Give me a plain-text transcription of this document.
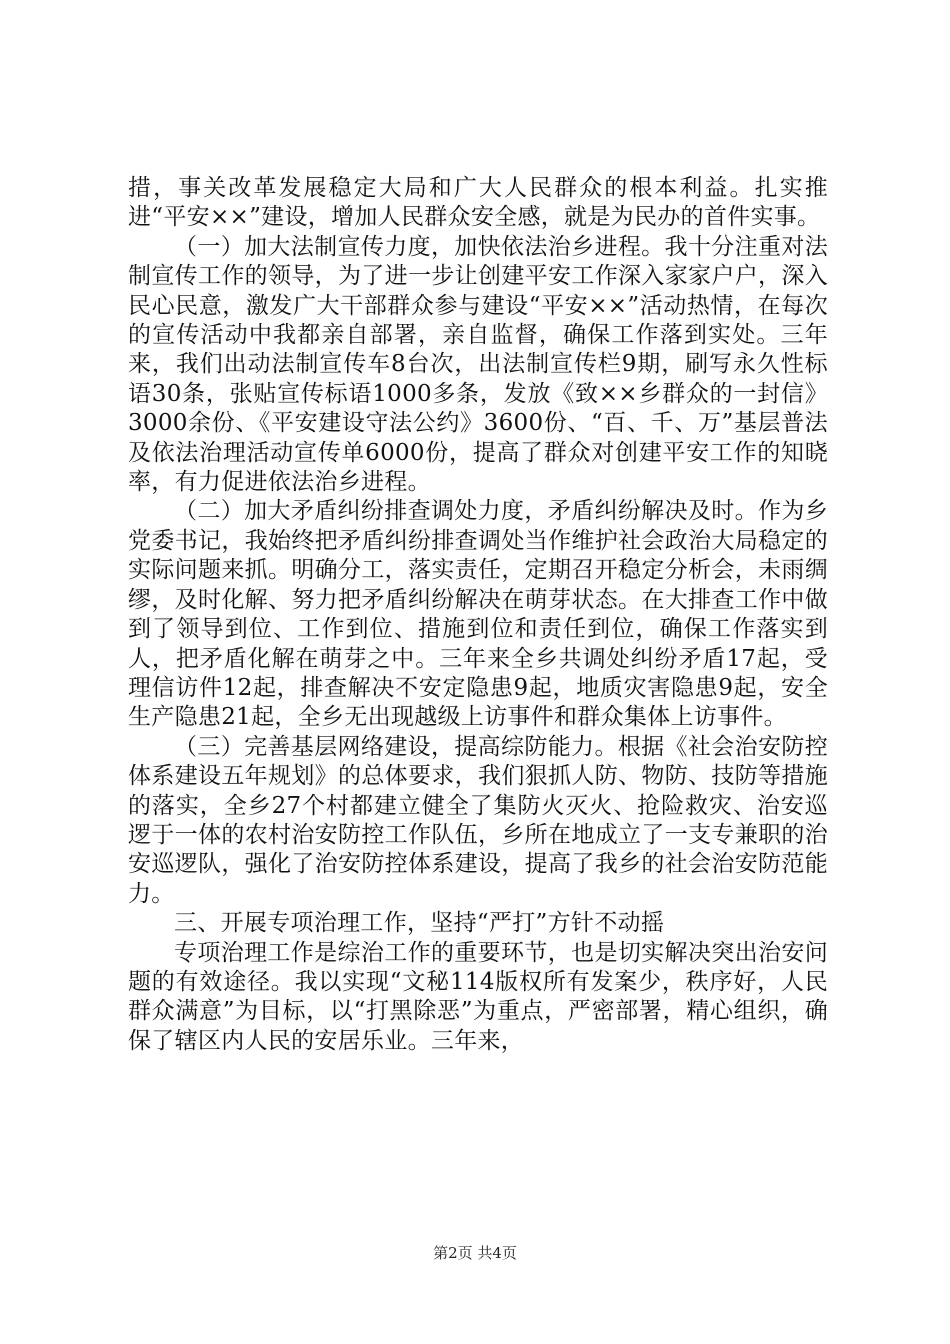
措，事关改革发展稳定大局和广大人民群众的根本利益。扎实推进“平安××”建设，增加人民群众安全感，就是为民办的首件实事。

（一）加大法制宣传力度，加快依法治乡进程。我十分注重对法制宣传工作的领导，为了进一步让创建平安工作深入家家户户，深入民心民意，激发广大干部群众参与建设“平安××”活动热情，在每次的宣传活动中我都亲自部署，亲自监督，确保工作落到实处。三年来，我们出动法制宣传车8台次，出法制宣传栏9期，刷写永久性标语30条，张贴宣传标语1000多条，发放《致××乡群众的一封信》3000余份、《平安建设守法公约》3600份、“百、千、万”基层普法及依法治理活动宣传单6000份，提高了群众对创建平安工作的知晓率，有力促进依法治乡进程。

（二）加大矛盾纠纷排查调处力度，矛盾纠纷解决及时。作为乡党委书记，我始终把矛盾纠纷排查调处当作维护社会政治大局稳定的实际问题来抓。明确分工，落实责任，定期召开稳定分析会，未雨绸缪，及时化解、努力把矛盾纠纷解决在萌芽状态。在大排查工作中做到了领导到位、工作到位、措施到位和责任到位，确保工作落实到人，把矛盾化解在萌芽之中。三年来全乡共调处纠纷矛盾17起，受理信访件12起，排查解决不安定隐患9起，地质灾害隐患9起，安全生产隐患21起，全乡无出现越级上访事件和群众集体上访事件。

（三）完善基层网络建设，提高综防能力。根据《社会治安防控体系建设五年规划》的总体要求，我们狠抓人防、物防、技防等措施的落实，全乡27个村都建立健全了集防火灭火、抢险救灾、治安巡逻于一体的农村治安防控工作队伍，乡所在地成立了一支专兼职的治安巡逻队，强化了治安防控体系建设，提高了我乡的社会治安防范能力。

三、开展专项治理工作，坚持“严打”方针不动摇

专项治理工作是综治工作的重要环节，也是切实解决突出治安问题的有效途径。我以实现“文秘114版权所有发案少，秩序好，人民群众满意”为目标，以“打黑除恶”为重点，严密部署，精心组织，确保了辖区内人民的安居乐业。三年来，

第2页 共4页
